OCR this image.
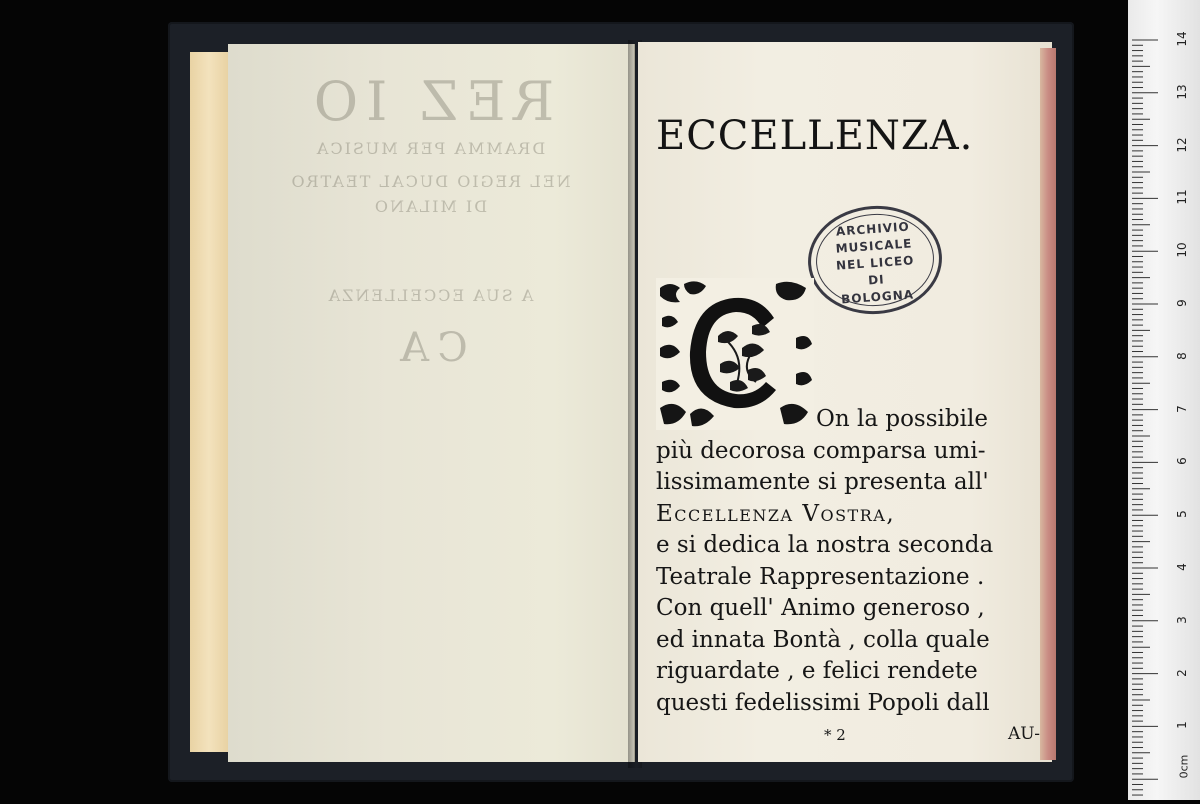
REZ IO
DRAMMA PER MUSICA
NEL REGIO DUCAL TEATRO
DI MILANO
A SUA ECCELLENZA
CA
ECCELLENZA.
ARCHIVIO
MUSICALE
NEL LICEO
DI
BOLOGNA
On la possibile
più decorosa comparsa umi-
lissimamente si presenta all'
Eccellenza Vostra,
e si dedica la nostra seconda
Teatrale Rappresentazione .
Con quell' Animo generoso ,
ed innata Bontà , colla quale
riguardate , e felici rendete
questi fedelissimi Popoli dall
* 2	AU-
14
13
12
11
10
9
8
7
6
5
4
3
2
1
0cm
